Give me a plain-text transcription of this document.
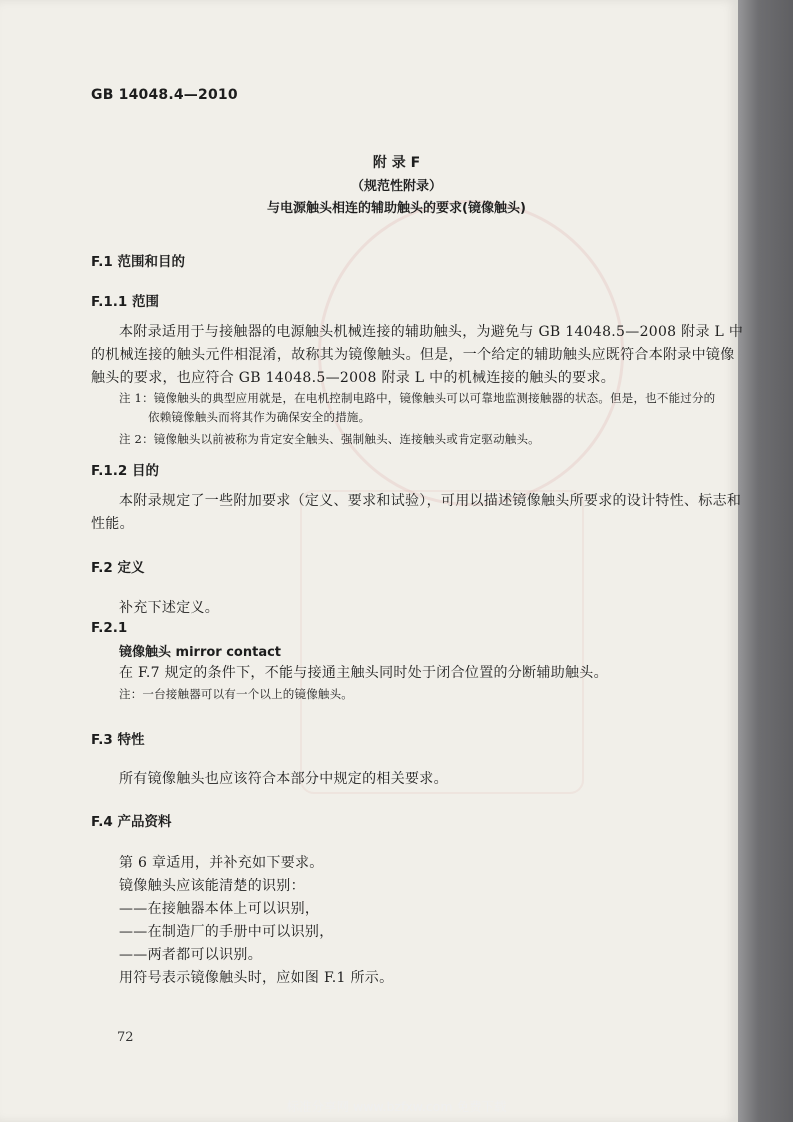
GB 14048.4—2010
附 录 F
（规范性附录）
与电源触头相连的辅助触头的要求(镜像触头)
F.1 范围和目的
F.1.1 范围
本附录适用于与接触器的电源触头机械连接的辅助触头，为避免与 GB 14048.5—2008 附录 L 中
的机械连接的触头元件相混淆，故称其为镜像触头。但是，一个给定的辅助触头应既符合本附录中镜像
触头的要求，也应符合 GB 14048.5—2008 附录 L 中的机械连接的触头的要求。
注 1：镜像触头的典型应用就是，在电机控制电路中，镜像触头可以可靠地监测接触器的状态。但是，也不能过分的
依赖镜像触头而将其作为确保安全的措施。
注 2：镜像触头以前被称为肯定安全触头、强制触头、连接触头或肯定驱动触头。
F.1.2 目的
本附录规定了一些附加要求（定义、要求和试验），可用以描述镜像触头所要求的设计特性、标志和
性能。
F.2 定义
补充下述定义。
F.2.1
镜像触头 mirror contact
在 F.7 规定的条件下，不能与接通主触头同时处于闭合位置的分断辅助触头。
注：一台接触器可以有一个以上的镜像触头。
F.3 特性
所有镜像触头也应该符合本部分中规定的相关要求。
F.4 产品资料
第 6 章适用，并补充如下要求。
镜像触头应该能清楚的识别：
——在接触器本体上可以识别，
——在制造厂的手册中可以识别，
——两者都可以识别。
用符号表示镜像触头时，应如图 F.1 所示。
72
标准分享网 www.bzfxw.com 免费下载
